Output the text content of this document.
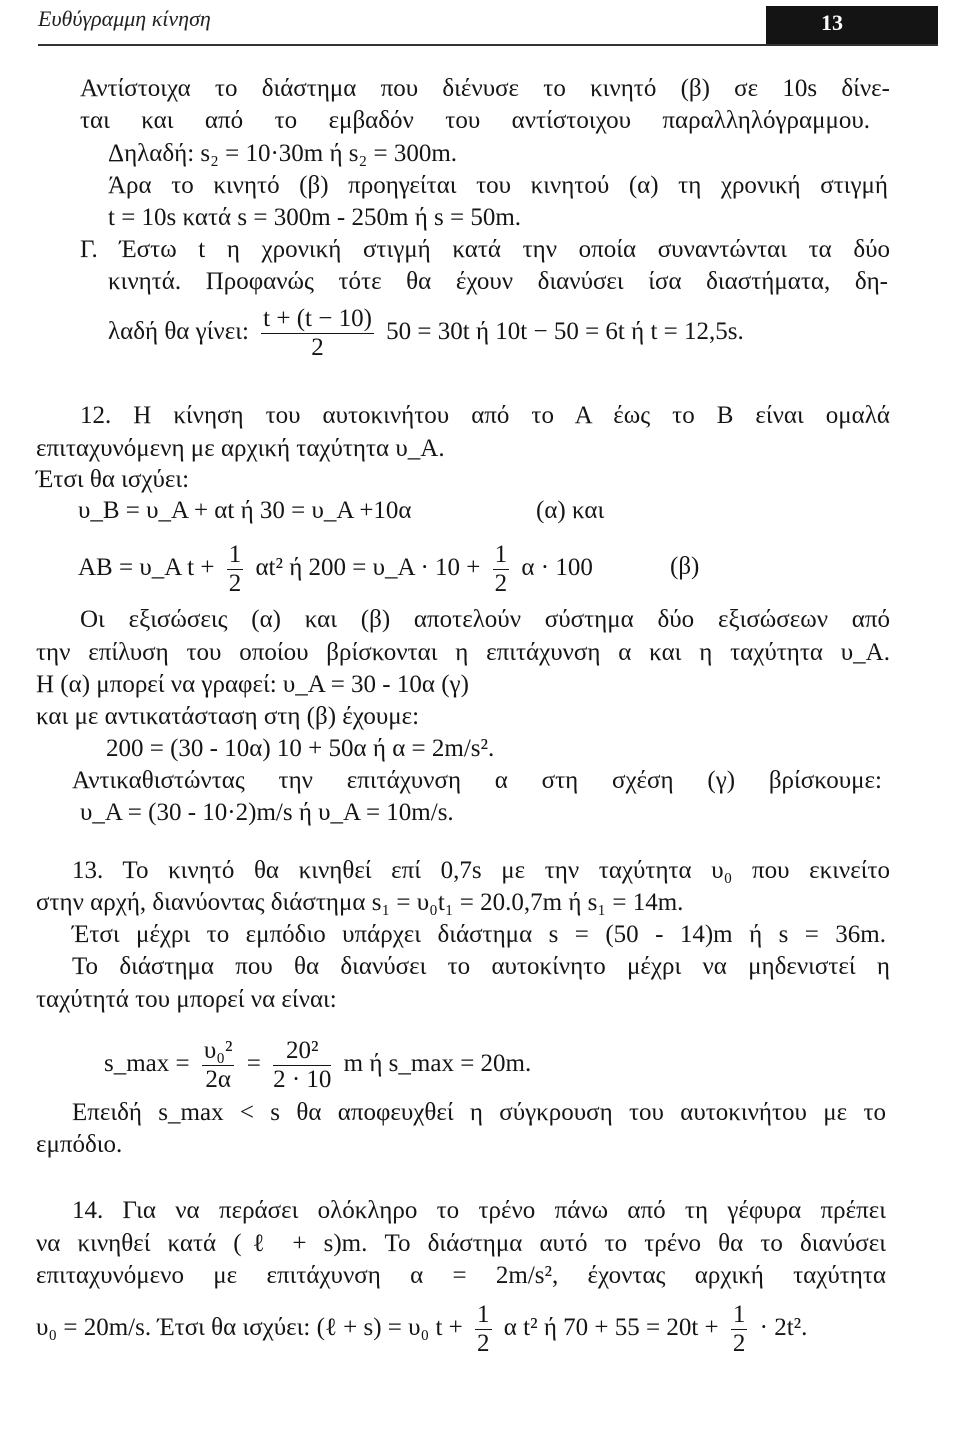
Ευθύγραμμη κίνηση	13
Αντίστοιχα το διάστημα που διένυσε το κινητό (β) σε 10s δίνε-
ται και από το εμβαδόν του αντίστοιχου παραλληλόγραμμου.
Δηλαδή: s₂ = 10·30m ή s₂ = 300m.
Άρα το κινητό (β) προηγείται του κινητού (α) τη χρονική στιγμή
t = 10s κατά s = 300m - 250m ή s = 50m.
Γ. Έστω t η χρονική στιγμή κατά την οποία συναντώνται τα δύο
κινητά. Προφανώς τότε θα έχουν διανύσει ίσα διαστήματα, δη-
λαδή θα γίνει: $\frac{t + (t - 10)}{2} 50 = 30t$ ή 10t − 50 = 6t ή t = 12,5s.
12. Η κίνηση του αυτοκινήτου από το Α έως το Β είναι ομαλά
επιταχυνόμενη με αρχική ταχύτητα υ_A.
Έτσι θα ισχύει:
υ_B = υ_A + αt ή 30 = υ_A +10α	(α) και
AB = υ_A $t + \frac{1}{2} \alpha t^2$ ή 200 = υ_A · $10 + \frac{1}{2}$ α · 100	(β)
Οι εξισώσεις (α) και (β) αποτελούν σύστημα δύο εξισώσεων από
την επίλυση του οποίου βρίσκονται η επιτάχυνση α και η ταχύτητα υ_A.
Η (α) μπορεί να γραφεί: υ_A = 30 - 10α (γ)
και με αντικατάσταση στη (β) έχουμε:
200 = (30 - 10α) 10 + 50α ή α = 2m/s².
Αντικαθιστώντας την επιτάχυνση α στη σχέση (γ) βρίσκουμε:
υ_A = (30 - 10·2)m/s ή υ_A = 10m/s.
13. Το κινητό θα κινηθεί επί 0,7s με την ταχύτητα υ₀ που εκινείτο
στην αρχή, διανύοντας διάστημα s₁ = υ₀t₁ = 20.0,7m ή s₁ = 14m.
Έτσι μέχρι το εμπόδιο υπάρχει διάστημα s = (50 - 14)m ή s = 36m.
Το διάστημα που θα διανύσει το αυτοκίνητο μέχρι να μηδενιστεί η
ταχύτητά του μπορεί να είναι:
s_max = $\frac{\text{υ₀²}}{2\alpha} = \frac{\text{20²}}{2 \cdot 10}$ m ή s_max = 20m.
Επειδή s_max < s θα αποφευχθεί η σύγκρουση του αυτοκινήτου με το
εμπόδιο.
14. Για να περάσει ολόκληρο το τρένο πάνω από τη γέφυρα πρέπει
να κινηθεί κατά (ℓ + s)m. Το διάστημα αυτό το τρένο θα το διανύσει
επιταχυνόμενο με επιτάχυνση α = 2m/s², έχοντας αρχική ταχύτητα
υ₀ = 20m/s. Έτσι θα ισχύει: (ℓ + s) = υ₀ $t + \frac{1}{2}$ α t² ή $70 + 55 = 20t + \frac{1}{2} \cdot 2t^2$.
